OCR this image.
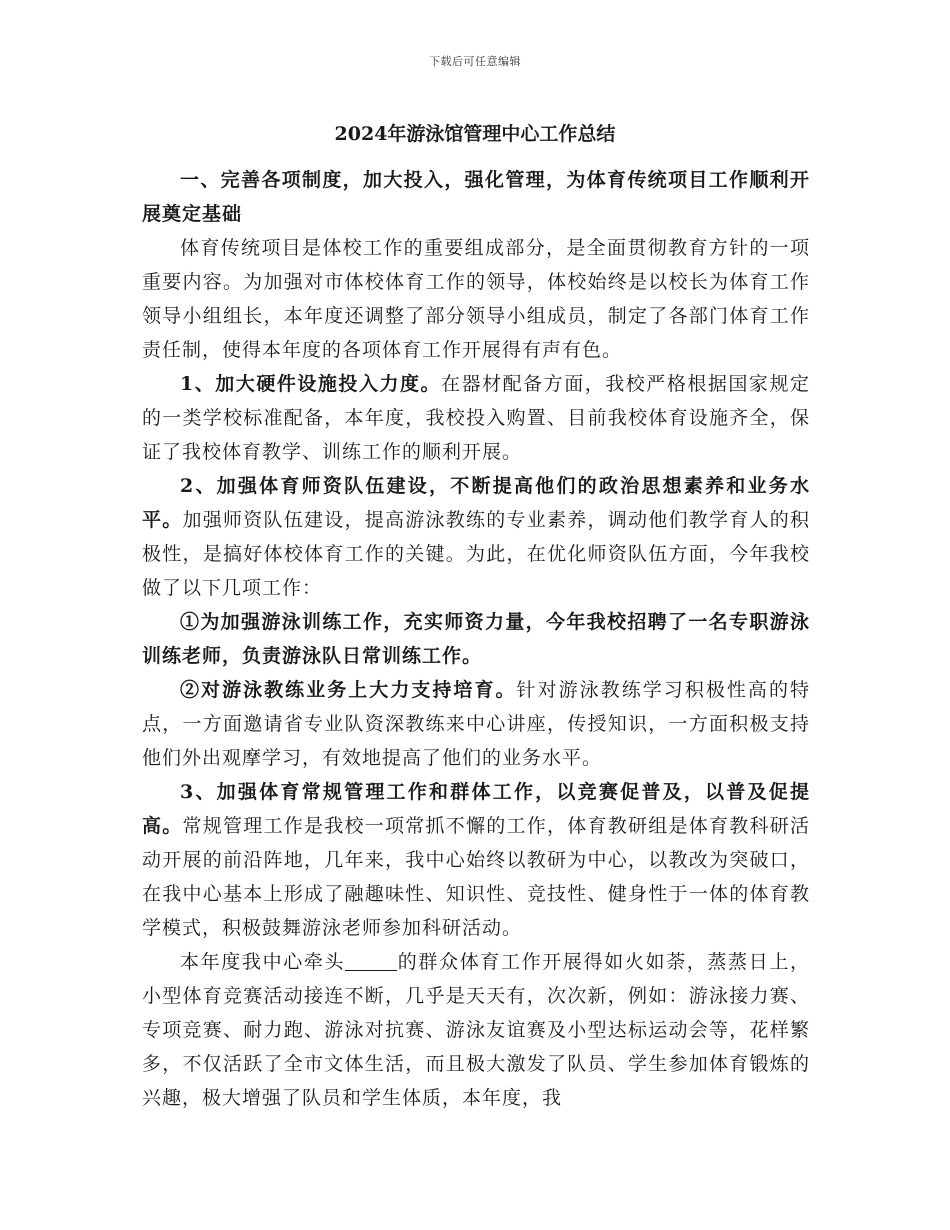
下载后可任意编辑
2024年游泳馆管理中心工作总结

一、完善各项制度，加大投入，强化管理，为体育传统项目工作顺利开展奠定基础

体育传统项目是体校工作的重要组成部分，是全面贯彻教育方针的一项重要内容。为加强对市体校体育工作的领导，体校始终是以校长为体育工作领导小组组长，本年度还调整了部分领导小组成员，制定了各部门体育工作责任制，使得本年度的各项体育工作开展得有声有色。

1、加大硬件设施投入力度。在器材配备方面，我校严格根据国家规定的一类学校标准配备，本年度，我校投入购置、目前我校体育设施齐全，保证了我校体育教学、训练工作的顺利开展。

2、加强体育师资队伍建设，不断提高他们的政治思想素养和业务水平。加强师资队伍建设，提高游泳教练的专业素养，调动他们教学育人的积极性，是搞好体校体育工作的关键。为此，在优化师资队伍方面，今年我校做了以下几项工作：

①为加强游泳训练工作，充实师资力量，今年我校招聘了一名专职游泳训练老师，负责游泳队日常训练工作。

②对游泳教练业务上大力支持培育。针对游泳教练学习积极性高的特点，一方面邀请省专业队资深教练来中心讲座，传授知识，一方面积极支持他们外出观摩学习，有效地提高了他们的业务水平。

3、加强体育常规管理工作和群体工作，以竞赛促普及，以普及促提高。常规管理工作是我校一项常抓不懈的工作，体育教研组是体育教科研活动开展的前沿阵地，几年来，我中心始终以教研为中心，以教改为突破口，在我中心基本上形成了融趣味性、知识性、竞技性、健身性于一体的体育教学模式，积极鼓舞游泳老师参加科研活动。

本年度我中心牵头	的群众体育工作开展得如火如荼，蒸蒸日上，小型体育竞赛活动接连不断，几乎是天天有，次次新，例如：游泳接力赛、专项竞赛、耐力跑、游泳对抗赛、游泳友谊赛及小型达标运动会等，花样繁多，不仅活跃了全市文体生活，而且极大激发了队员、学生参加体育锻炼的兴趣，极大增强了队员和学生体质，本年度，我
